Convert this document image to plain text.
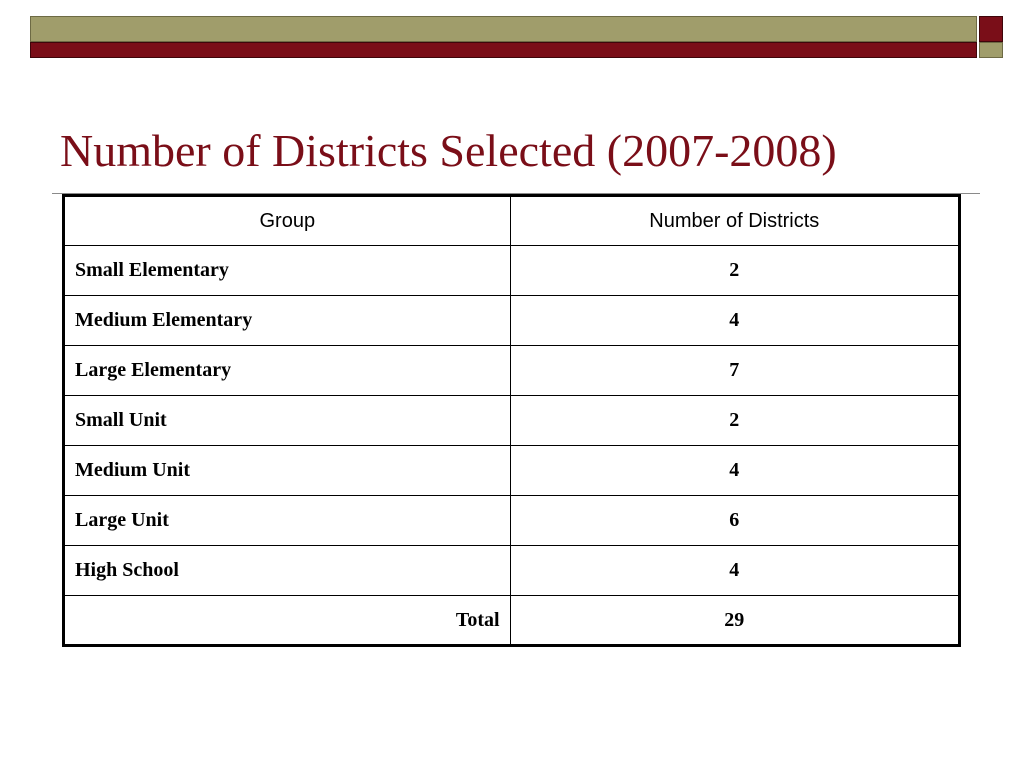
Number of Districts Selected (2007-2008)
Group	Number of Districts
Small Elementary	2
Medium Elementary	4
Large Elementary	7
Small Unit	2
Medium Unit	4
Large Unit	6
High School	4
Total	29
